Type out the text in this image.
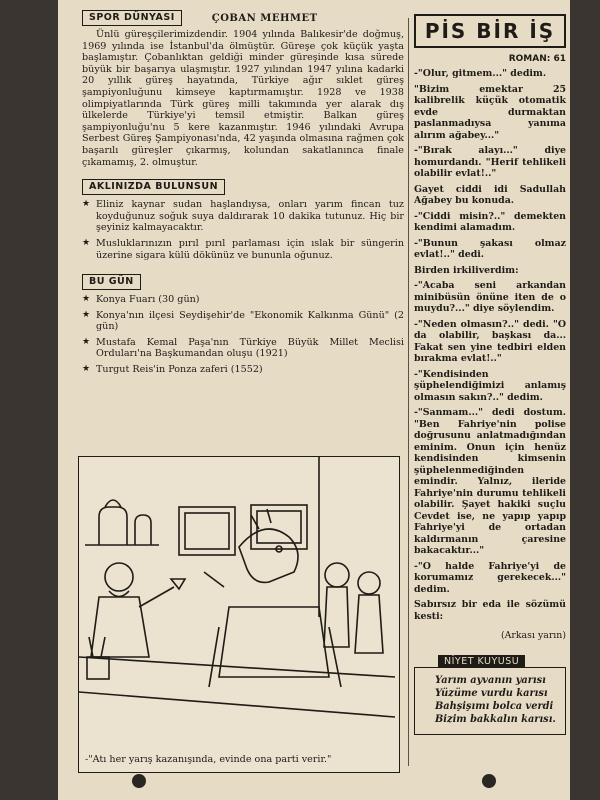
SPOR DÜNYASI	ÇOBAN MEHMET
Ünlü güreşçilerimizdendir. 1904 yılında Balıkesir'de doğmuş, 1969 yılında ise İstanbul'da ölmüştür. Güreşe çok küçük yaşta başlamıştır. Çobanlıktan geldiği minder güreşinde kısa sürede büyük bir başarıya ulaşmıştır. 1927 yılından 1947 yılına kadarki 20 yıllık güreş hayatında, Türkiye ağır sıklet güreş şampiyonluğunu kimseye kaptırmamıştır. 1928 ve 1938 olimpiyatlarında Türk güreş milli takımında yer alarak dış ülkelerde Türkiye'yi temsil etmiştir. Balkan güreş şampiyonluğu'nu 5 kere kazanmıştır. 1946 yılındaki Avrupa Serbest Güreş Şampiyonası'nda, 42 yaşında olmasına rağmen çok başarılı güreşler çıkarmış, kolundan sakatlanınca finale çıkamamış, 2. olmuştur.
AKLINIZDA BULUNSUN
★ Eliniz kaynar sudan haşlandıysa, onları yarım fincan tuz koyduğunuz soğuk suya daldırarak 10 dakika tutunuz. Hiç bir şeyiniz kalmayacaktır.
★ Musluklarınızın pırıl pırıl parlaması için ıslak bir süngerin üzerine sigara külü dökünüz ve bununla oğunuz.
BU GÜN
★ Konya Fuarı (30 gün)
★ Konya'nın ilçesi Seydişehir'de "Ekonomik Kalkınma Günü" (2 gün)
★ Mustafa Kemal Paşa'nın Türkiye Büyük Millet Meclisi Orduları'na Başkumandan oluşu (1921)
★ Turgut Reis'in Ponza zaferi (1552)
-"Atı her yarış kazanışında, evinde ona parti verir."
PİS BİR İŞ
ROMAN: 61

-"Olur, gitmem..." dedim.

"Bizim emektar 25 kalibrelik küçük otomatik evde durmaktan paslanmadıysa yanıma alırım ağabey..."

-"Bırak alayı..." diye homurdandı. "Herif tehlikeli olabilir evlat!.."

Gayet ciddi idi Sadullah Ağabey bu konuda.

-"Ciddi misin?.." demekten kendimi alamadım.

-"Bunun şakası olmaz evlat!.." dedi.

Birden irkiliverdim:

-"Acaba seni arkandan minibüsün önüne iten de o muydu?..." diye söylendim.

-"Neden olmasın?.." dedi. "O da olabilir, başkası da... Fakat sen yine tedbiri elden bırakma evlat!.."

-"Kendisinden şüphelendiğimizi anlamış olmasın sakın?.." dedim.

-"Sanmam..." dedi dostum. "Ben Fahriye'nin polise doğrusunu anlatmadığından eminim. Onun için henüz kendisinden kimsenin şüphelenmediğinden emindir. Yalnız, ileride Fahriye'nin durumu tehlikeli olabilir. Şayet hakiki suçlu Cevdet ise, ne yapıp yapıp Fahriye'yi de ortadan kaldırmanın çaresine bakacaktır..."

-"O halde Fahriye'yi de korumamız gerekecek..." dedim.

Sabırsız bir eda ile sözümü kesti:

(Arkası yarın)
NİYET KUYUSU
Yarım ayvanın yarısı
Yüzüme vurdu karısı
Bahşişımı bolca verdi
Bizim bakkalın karısı.
